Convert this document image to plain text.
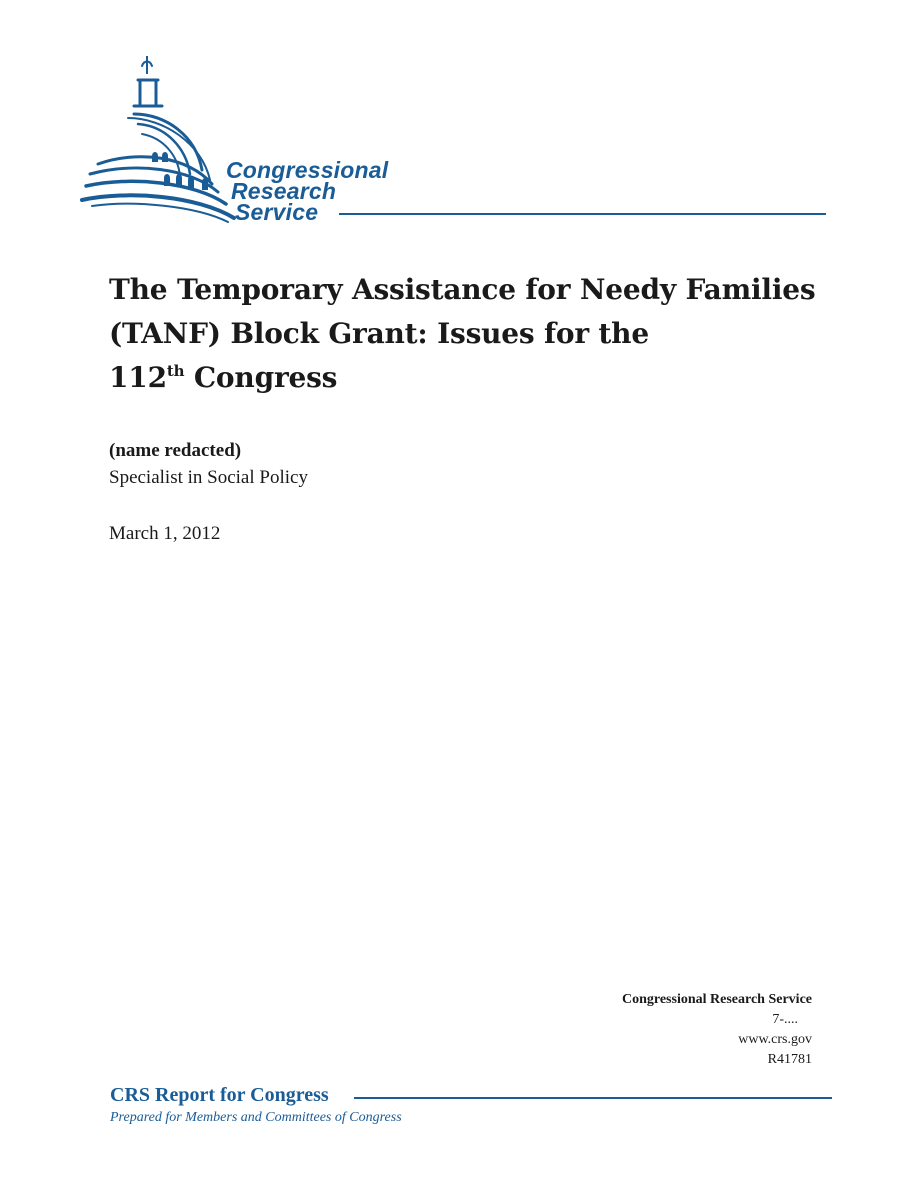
Congressional
Research
Service
The Temporary Assistance for Needy Families
(TANF) Block Grant: Issues for the
112th Congress
(name redacted)
Specialist in Social Policy
March 1, 2012
Congressional Research Service
7-....
www.crs.gov
R41781
CRS Report for Congress
Prepared for Members and Committees of Congress
